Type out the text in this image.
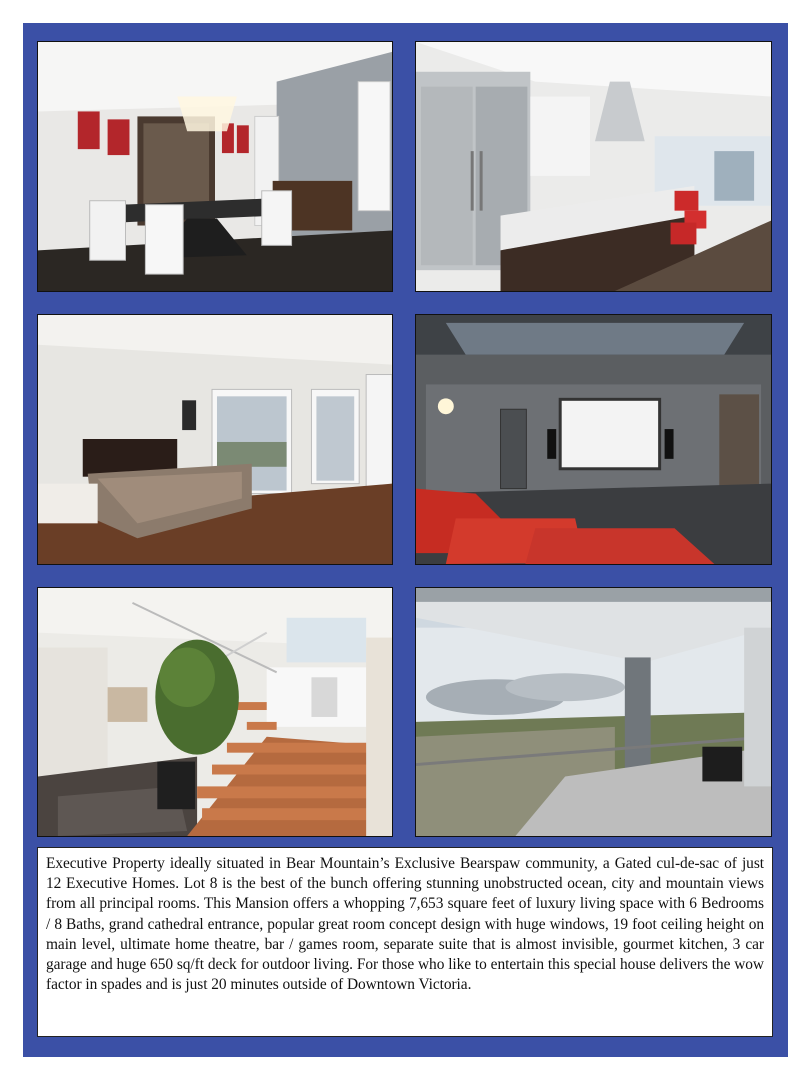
Executive Property ideally situated in Bear Mountain’s Exclusive Bearspaw community, a Gated cul-de-sac of just 12 Executive Homes. Lot 8 is the best of the bunch offering stunning unobstructed ocean, city and mountain views from all principal rooms. This Mansion offers a whopping 7,653 square feet of luxury living space with 6 Bedrooms / 8 Baths, grand cathedral entrance, popular great room concept design with huge windows, 19 foot ceiling height on main level, ultimate home theatre, bar / games room, separate suite that is almost invisible, gourmet kitchen, 3 car garage and huge 650 sq/ft deck for outdoor living. For those who like to entertain this special house delivers the wow factor in spades and is just 20 minutes outside of Downtown Victoria.
